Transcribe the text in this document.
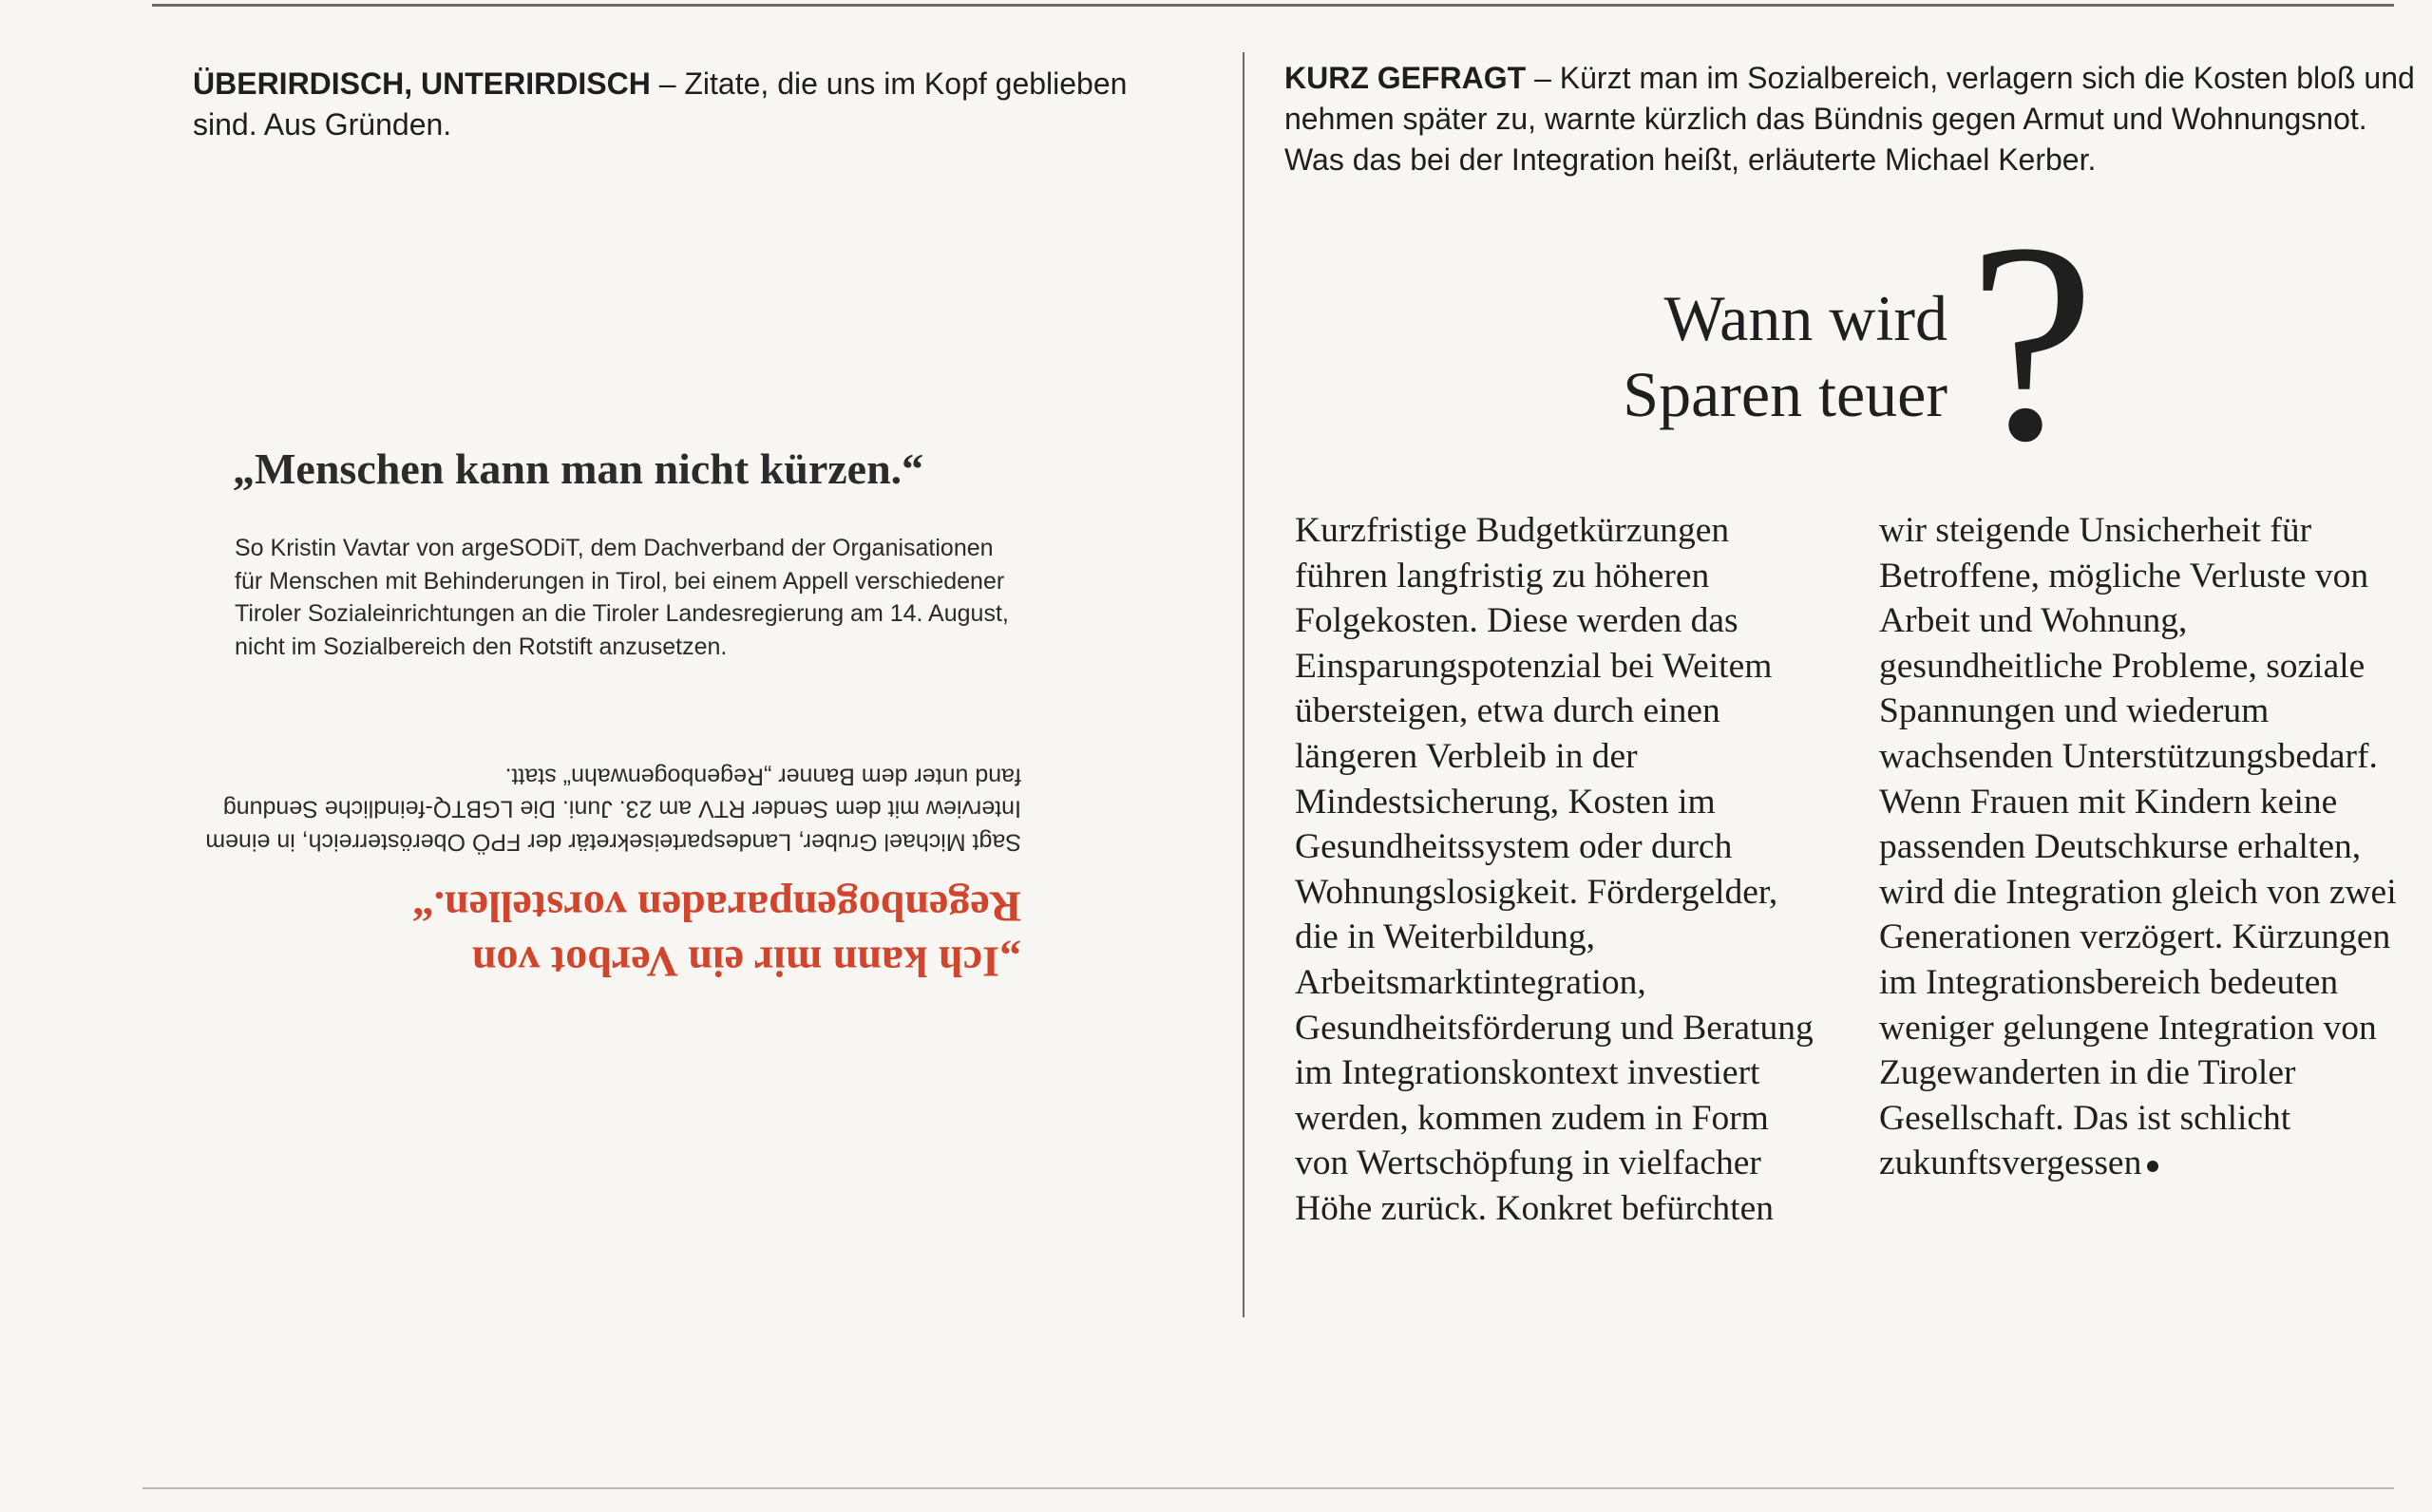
ÜBERIRDISCH, UNTERIRDISCH – Zitate, die uns im Kopf geblieben sind. Aus Gründen.
„Menschen kann man nicht kürzen.“

So Kristin Vavtar von argeSODiT, dem Dachverband der Organisationen für Menschen mit Behinderungen in Tirol, bei einem Appell verschiedener Tiroler Sozialeinrichtungen an die Tiroler Landesregierung am 14. August, nicht im Sozialbereich den Rotstift anzusetzen.

„Ich kann mir ein Verbot von Regenbogenparaden vorstellen.“

Sagt Michael Gruber, Landesparteisekretär der FPÖ Oberösterreich, in einem Interview mit dem Sender RTV am 23. Juni. Die LGBTQ-feindliche Sendung fand unter dem Banner „Regenbogenwahn“ statt.

KURZ GEFRAGT – Kürzt man im Sozialbereich, verlagern sich die Kosten bloß und nehmen später zu, warnte kürzlich das Bündnis gegen Armut und Wohnungsnot. Was das bei der Integration heißt, erläuterte Michael Kerber.
Wann wird
Sparen teuer ?

Kurzfristige Budgetkürzungen führen langfristig zu höheren Folgekosten. Diese werden das Einsparungspotenzial bei Weitem übersteigen, etwa durch einen längeren Verbleib in der Mindestsicherung, Kosten im Gesundheitssystem oder durch Wohnungslosigkeit. Fördergelder, die in Weiterbildung, Arbeitsmarktintegration, Gesundheitsförderung und Beratung im Integrationskontext investiert werden, kommen zudem in Form von Wertschöpfung in vielfacher Höhe zurück. Konkret befürchten wir steigende Unsicherheit für Betroffene, mögliche Verluste von Arbeit und Wohnung, gesundheitliche Probleme, soziale Spannungen und wiederum wachsenden Unterstützungsbedarf. Wenn Frauen mit Kindern keine passenden Deutschkurse erhalten, wird die Integration gleich von zwei Generationen verzögert. Kürzungen im Integrationsbereich bedeuten weniger gelungene Integration von Zugewanderten in die Tiroler Gesellschaft. Das ist schlicht zukunftsvergessen
